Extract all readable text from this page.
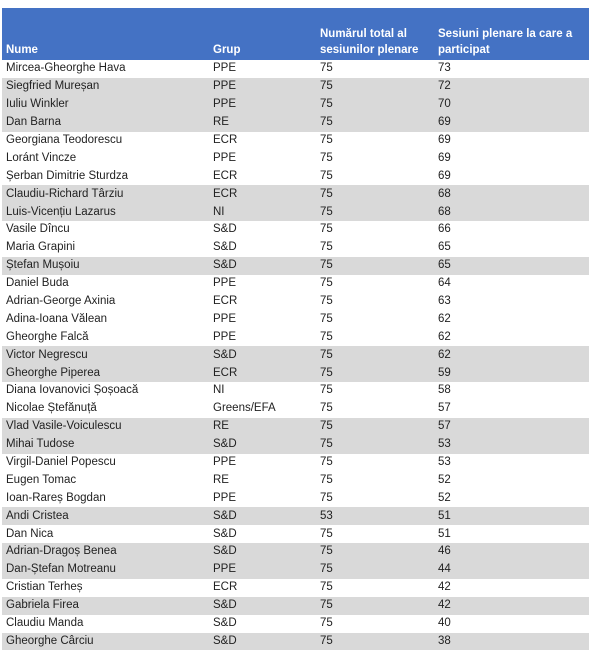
Nume	Grup	Numărul total al sesiunilor plenare	Sesiuni plenare la care a participat
Mircea-Gheorghe Hava	PPE	75	73
Siegfried Mureșan	PPE	75	72
Iuliu Winkler	PPE	75	70
Dan Barna	RE	75	69
Georgiana Teodorescu	ECR	75	69
Loránt Vincze	PPE	75	69
Șerban Dimitrie Sturdza	ECR	75	69
Claudiu-Richard Târziu	ECR	75	68
Luis-Vicențiu Lazarus	NI	75	68
Vasile Dîncu	S&D	75	66
Maria Grapini	S&D	75	65
Ștefan Mușoiu	S&D	75	65
Daniel Buda	PPE	75	64
Adrian-George Axinia	ECR	75	63
Adina-Ioana Vălean	PPE	75	62
Gheorghe Falcă	PPE	75	62
Victor Negrescu	S&D	75	62
Gheorghe Piperea	ECR	75	59
Diana Iovanovici Șoșoacă	NI	75	58
Nicolae Ștefănuță	Greens/EFA	75	57
Vlad Vasile-Voiculescu	RE	75	57
Mihai Tudose	S&D	75	53
Virgil-Daniel Popescu	PPE	75	53
Eugen Tomac	RE	75	52
Ioan-Rareș Bogdan	PPE	75	52
Andi Cristea	S&D	53	51
Dan Nica	S&D	75	51
Adrian-Dragoș Benea	S&D	75	46
Dan-Ștefan Motreanu	PPE	75	44
Cristian Terheș	ECR	75	42
Gabriela Firea	S&D	75	42
Claudiu Manda	S&D	75	40
Gheorghe Cârciu	S&D	75	38
